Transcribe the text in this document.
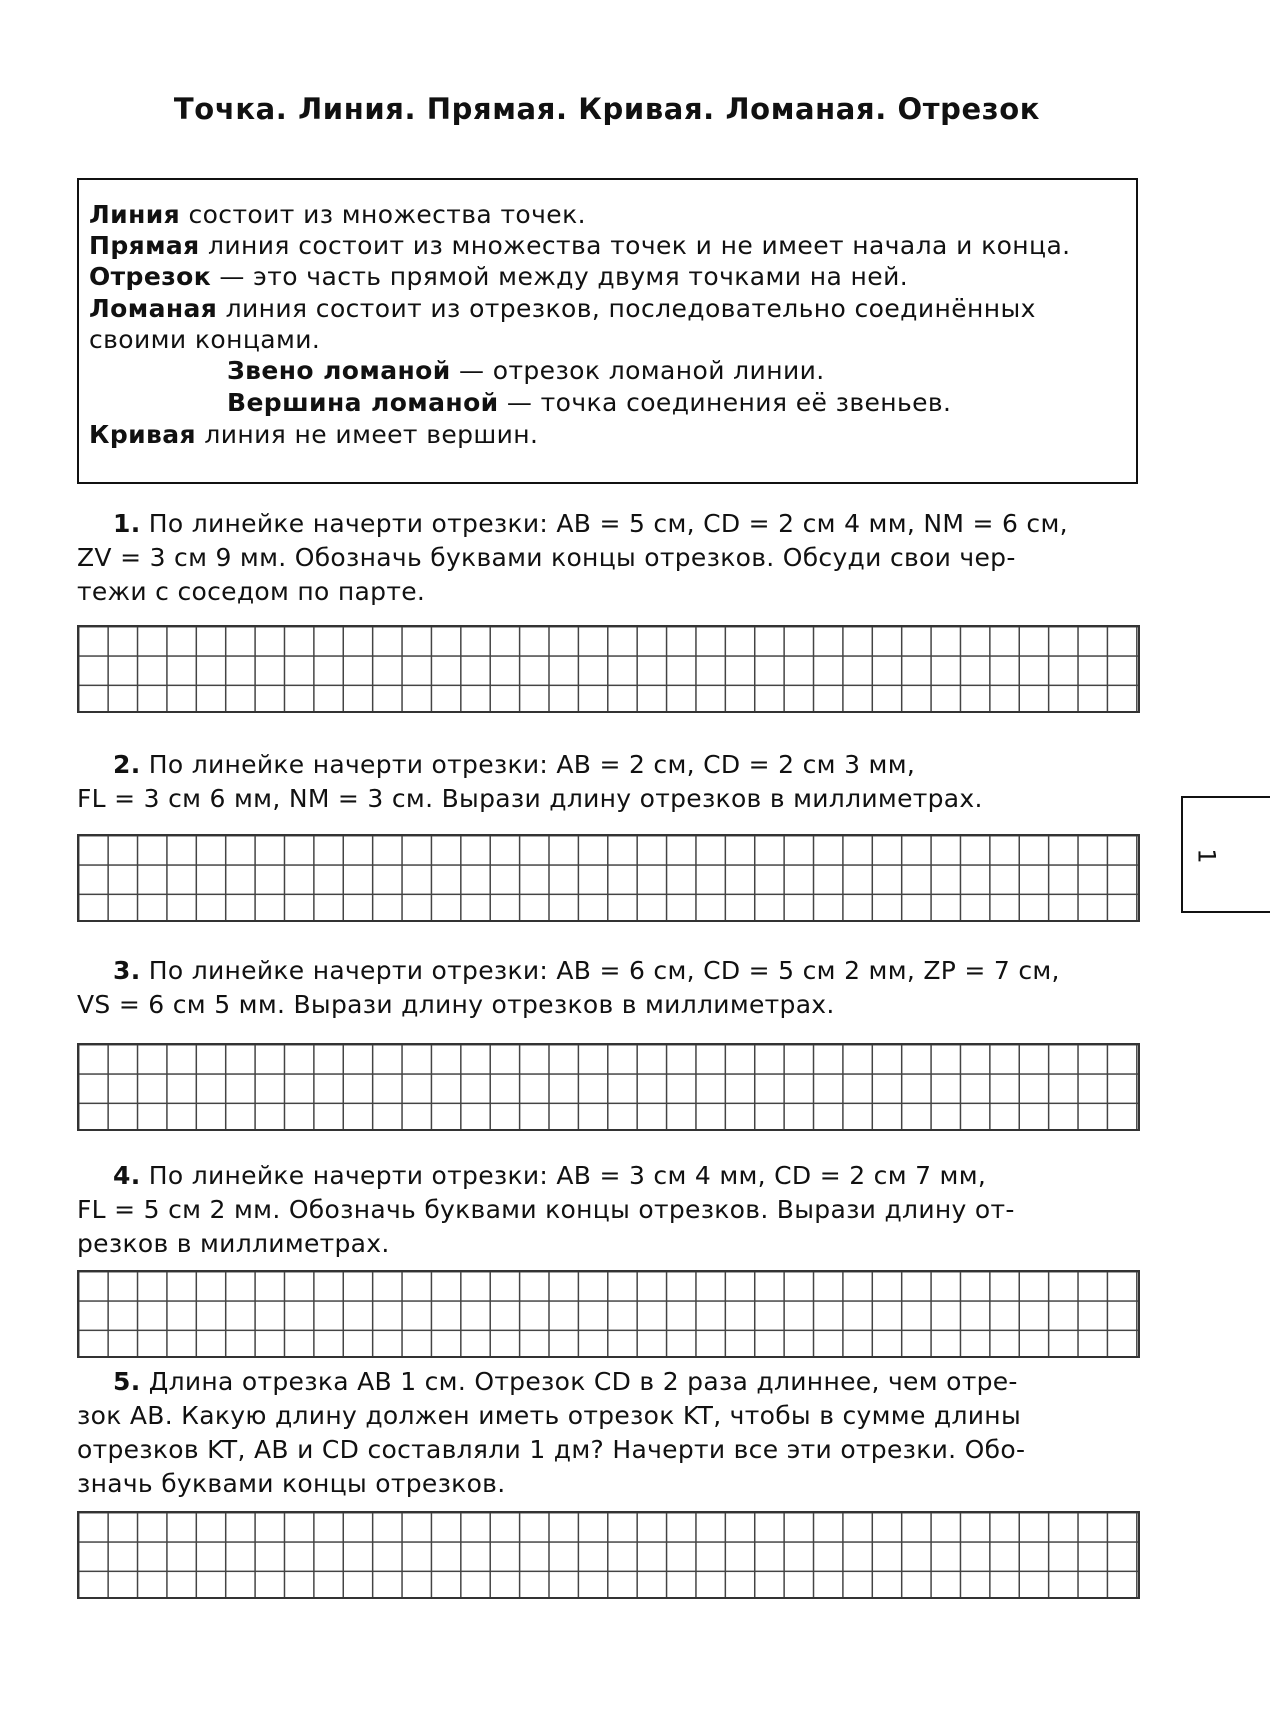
Точка. Линия. Прямая. Кривая. Ломаная. Отрезок
Линия состоит из множества точек.
Прямая линия состоит из множества точек и не имеет начала и конца.
Отрезок — это часть прямой между двумя точками на ней.
Ломаная линия состоит из отрезков, последовательно соединённых
своими концами.
Звено ломаной — отрезок ломаной линии.
Вершина ломаной — точка соединения её звеньев.
Кривая линия не имеет вершин.
1. По линейке начерти отрезки: AB = 5 см, CD = 2 см 4 мм, NM = 6 см,
ZV = 3 см 9 мм. Обозначь буквами концы отрезков. Обсуди свои чер-
тежи с соседом по парте.
2. По линейке начерти отрезки: AB = 2 см, CD = 2 см 3 мм,
FL = 3 см 6 мм, NM = 3 см. Вырази длину отрезков в миллиметрах.
3. По линейке начерти отрезки: AB = 6 см, CD = 5 см 2 мм, ZP = 7 см,
VS = 6 см 5 мм. Вырази длину отрезков в миллиметрах.
4. По линейке начерти отрезки: AB = 3 см 4 мм, CD = 2 см 7 мм,
FL = 5 см 2 мм. Обозначь буквами концы отрезков. Вырази длину от-
резков в миллиметрах.
5. Длина отрезка AB 1 см. Отрезок CD в 2 раза длиннее, чем отре-
зок AB. Какую длину должен иметь отрезок KT, чтобы в сумме длины
отрезков KT, AB и CD составляли 1 дм? Начерти все эти отрезки. Обо-
значь буквами концы отрезков.
1
